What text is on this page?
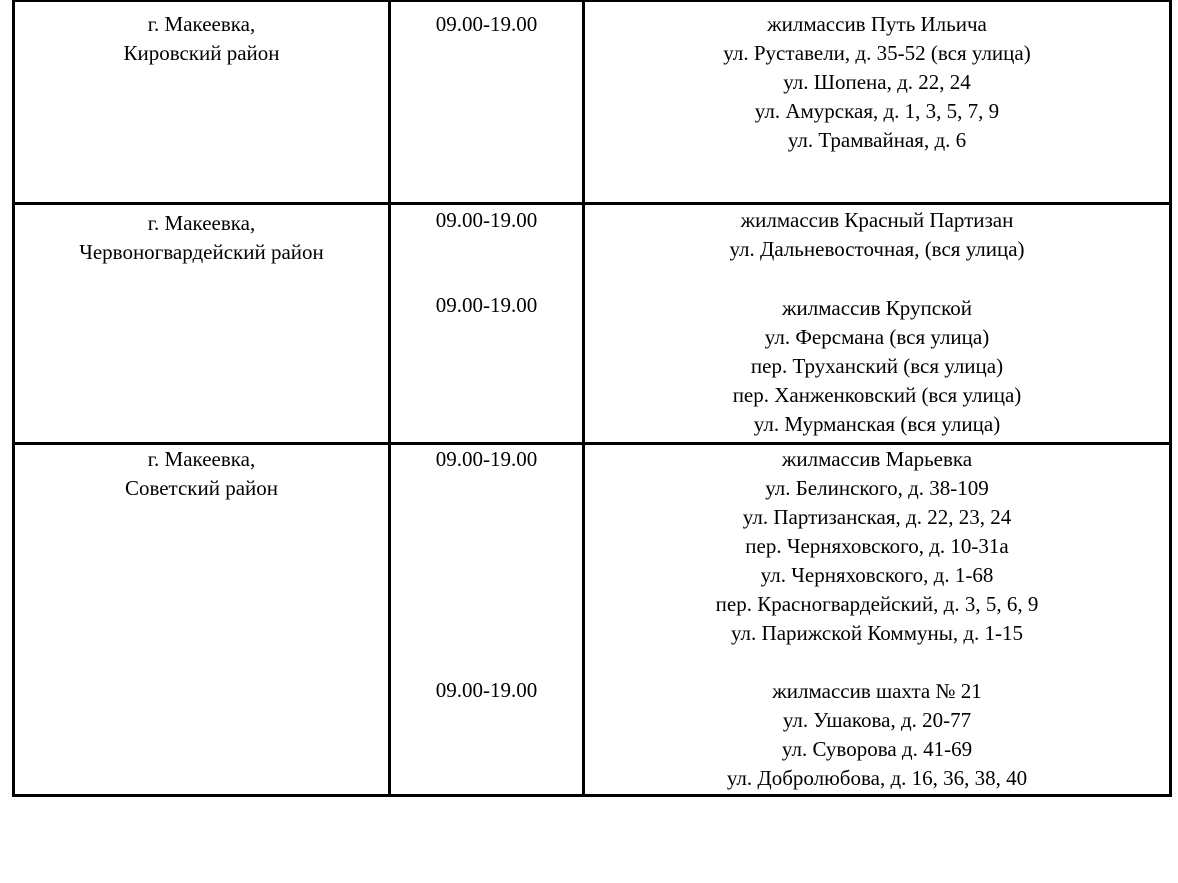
г. Макеевка,
Кировский район
09.00-19.00	жилмассив Путь Ильича
ул. Руставели, д. 35-52 (вся улица)
ул. Шопена, д. 22, 24
ул. Амурская, д. 1, 3, 5, 7, 9
ул. Трамвайная, д. 6
г. Макеевка,
Червоногвардейский район
09.00-19.00
09.00-19.00
жилмассив Красный Партизан
ул. Дальневосточная, (вся улица)
жилмассив Крупской
ул. Ферсмана (вся улица)
пер. Труханский (вся улица)
пер. Ханженковский (вся улица)
ул. Мурманская (вся улица)
г. Макеевка,
Советский район
09.00-19.00
09.00-19.00
жилмассив Марьевка
ул. Белинского, д. 38-109
ул. Партизанская, д. 22, 23, 24
пер. Черняховского, д. 10-31а
ул. Черняховского, д. 1-68
пер. Красногвардейский, д. 3, 5, 6, 9
ул. Парижской Коммуны, д. 1-15
жилмассив шахта № 21
ул. Ушакова, д. 20-77
ул. Суворова д. 41-69
ул. Добролюбова, д. 16, 36, 38, 40
